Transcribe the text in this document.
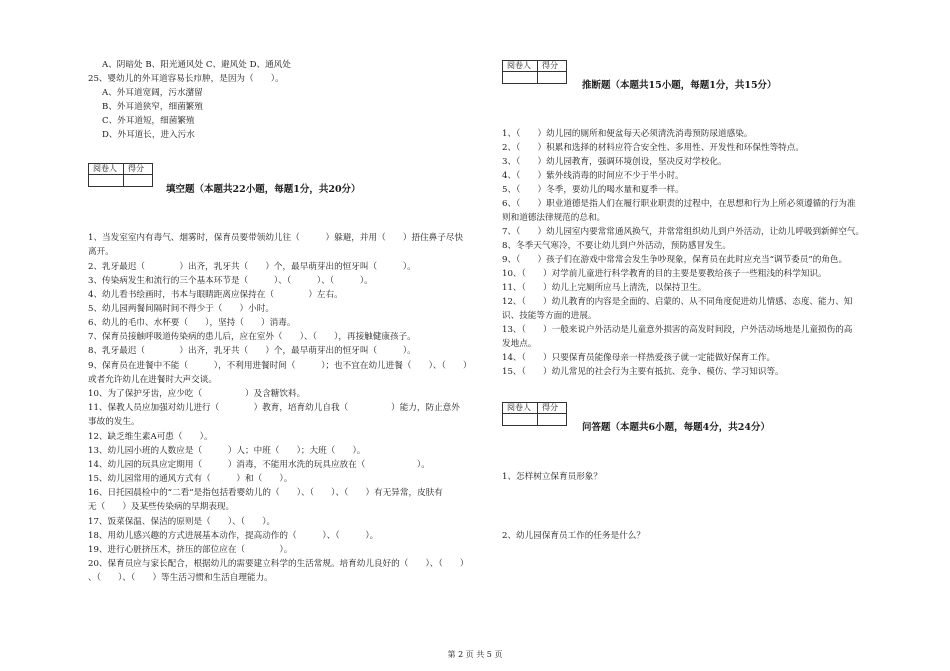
A、阴暗处 B、阳光通风处 C、避风处 D、通风处
25、婴幼儿的外耳道容易长疖肿，是因为（　　）。
A、外耳道宽阔，污水潴留
B、外耳道狭窄，细菌繁殖
C、外耳道短，细菌繁殖
D、外耳道长，进入污水
阅卷人	得分

填空题（本题共22小题，每题1分，共20分）
1、当发室室内有毒气、烟雾时，保育员要带领幼儿往（　　　）躲避，并用（　　）捂住鼻子尽快
离开。
2、乳牙最迟（　　　　）出齐，乳牙共（　　）个，最早萌芽出的恒牙叫（　　　）。
3、传染病发生和流行的三个基本环节是（　　　）、（　　　）、（　　　）。
4、幼儿看书绘画时，书本与眼睛距离应保持在（　　　　）左右。
5、幼儿园两餐间隔时间不得少于（　　）小时。
6、幼儿的毛巾、水杯要（　　），坚持（　　）消毒。
7、保育员接触呼吸道传染病的患儿后，应在室外（　　）、（　　），再接触健康孩子。
8、乳牙最迟（　　　　）出齐，乳牙共（　　）个，最早萌芽出的恒牙叫（　　　）。
9、保育员在进餐中不能（　　　），不利用进餐时间（　　　）；也不宜在幼儿进餐（　　）、（　　）
或者允许幼儿在进餐时大声交谈。
10、为了保护牙齿，应少吃（　　　　　）及含糖饮料。
11、保教人员应加强对幼儿进行（　　　　）教育，培育幼儿自我（　　　　　）能力，防止意外
事故的发生。
12、缺乏维生素A可患（　　）。
13、幼儿园小班的人数应是（　　　）人；中班（　　）；大班（　　）。
14、幼儿园的玩具应定期用（　　　）消毒，不能用水洗的玩具应放在（　　　　　　）。
15、幼儿园常用的通风方式有（　　　）和（　　）。
16、日托园晨检中的“二看”是指包括看婴幼儿的（　　）、（　　）、（　　）有无异常，皮肤有
无（　　）及某些传染病的早期表现。
17、饭菜保温、保洁的原则是（　　）、（　　）。
18、用幼儿感兴趣的方式进展基本动作，提高动作的（　　　）、（　　　）。
19、进行心脏挤压术，挤压的部位应在（　　　　）。
20、保育员应与家长配合，根据幼儿的需要建立科学的生活常规。培育幼儿良好的（　　）、（　　）
、（　　）、（　　）等生活习惯和生活自理能力。
阅卷人	得分

推断题（本题共15小题，每题1分，共15分）
1、（　　）幼儿园的厕所和便盆每天必须清洗消毒预防尿道感染。
2、（　　）积累和选择的材料应符合安全性、多用性、开发性和环保性等特点。
3、（　　）幼儿园教育，强调环境创设，坚决反对学校化。
4、（　　）紫外线消毒的时间应不少于半小时。
5、（　　）冬季，要幼儿的喝水量和夏季一样。
6、（　　）职业道德是指人们在履行职业职责的过程中，在思想和行为上所必须遵循的行为准
则和道德法律规范的总和。
7、（　　）幼儿园室内要常常通风换气，并常常组织幼儿到户外活动，让幼儿呼吸到新鲜空气。
8、冬季天气寒冷，不要让幼儿到户外活动，预防感冒发生。
9、（　　）孩子们在游戏中常常会发生争吵现象，保育员在此时应充当“调节委员”的角色。
10、（　　）对学前儿童进行科学教育的目的主要是要教给孩子一些粗浅的科学知识。
11、（　　）幼儿上完厕所应马上清洗，以保持卫生。
12、（　　）幼儿教育的内容是全面的、启蒙的、从不同角度促进幼儿情感、态度、能力、知
识、技能等方面的进展。
13、（　　）一般来说户外活动是儿童意外损害的高发时间段，户外活动场地是儿童损伤的高
发地点。
14、（　　）只要保育员能像母亲一样热爱孩子就一定能做好保育工作。
15、（　　）幼儿常见的社会行为主要有抵抗、竞争、模仿、学习知识等。
阅卷人	得分

问答题（本题共6小题，每题4分，共24分）
1、怎样树立保育员形象？
2、幼儿园保育员工作的任务是什么？
第 2 页 共 5 页
